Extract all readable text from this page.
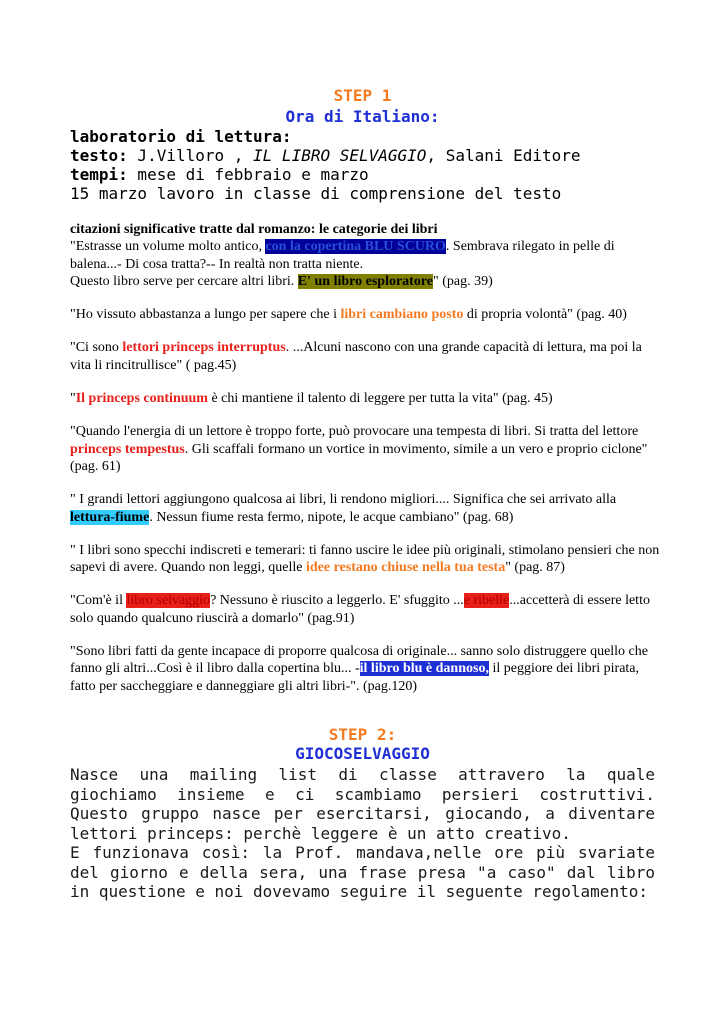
STEP 1
Ora di Italiano:
laboratorio di lettura:
testo: J.Villoro , IL LIBRO SELVAGGIO, Salani Editore
tempi: mese di febbraio e marzo
15 marzo lavoro in classe di comprensione del testo
citazioni significative tratte dal romanzo: le categorie dei libri

"Estrasse un volume molto antico, con la copertina BLU SCURO. Sembrava rilegato in pelle di balena...- Di cosa tratta?-- In realtà non tratta niente.
Questo libro serve per cercare altri libri. E' un libro esploratore" (pag. 39)

"Ho vissuto abbastanza a lungo per sapere che i libri cambiano posto di propria volontà" (pag. 40)

"Ci sono lettori princeps interruptus. ...Alcuni nascono con una grande capacità di lettura, ma poi la vita li rincitrullisce" ( pag.45)

"Il princeps continuum è chi mantiene il talento di leggere per tutta la vita" (pag. 45)

"Quando l'energia di un lettore è troppo forte, può provocare una tempesta di libri. Si tratta del lettore princeps tempestus. Gli scaffali formano un vortice in movimento, simile a un vero e proprio ciclone" (pag. 61)

" I grandi lettori aggiungono qualcosa ai libri, li rendono migliori.... Significa che sei arrivato alla lettura-fiume. Nessun fiume resta fermo, nipote, le acque cambiano" (pag. 68)

" I libri sono specchi indiscreti e temerari: ti fanno uscire le idee più originali, stimolano pensieri che non sapevi di avere. Quando non leggi, quelle idee restano chiuse nella tua testa" (pag. 87)

"Com'è il libro selvaggio? Nessuno è riuscito a leggerlo. E' sfuggito ...e ribelle...accetterà di essere letto solo quando qualcuno riuscirà a domarlo" (pag.91)

"Sono libri fatti da gente incapace di proporre qualcosa di originale... sanno solo distruggere quello che fanno gli altri...Così è il libro dalla copertina blu... -il libro blu è dannoso, il peggiore dei libri pirata, fatto per saccheggiare e danneggiare gli altri libri-". (pag.120)

STEP 2:
GIOCOSELVAGGIO
Nasce una mailing list di classe attravero la quale giochiamo insieme e ci scambiamo persieri costruttivi. Questo gruppo nasce per esercitarsi, giocando, a diventare lettori princeps: perchè leggere è un atto creativo.
E funzionava così: la Prof. mandava,nelle ore più svariate del giorno e della sera, una frase presa "a caso" dal libro in questione e noi dovevamo seguire il seguente regolamento:
